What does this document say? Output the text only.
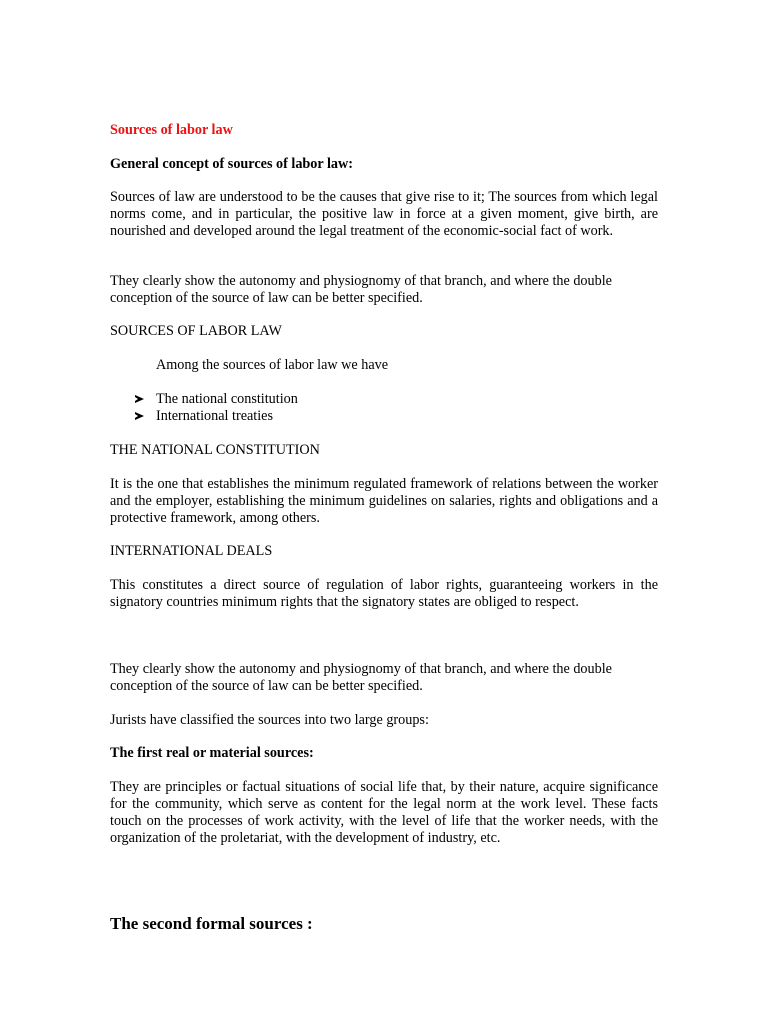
Sources of labor law

General concept of sources of labor law:

Sources of law are understood to be the causes that give rise to it; The sources from which legal norms come, and in particular, the positive law in force at a given moment, give birth, are nourished and developed around the legal treatment of the economic-social fact of work.

They clearly show the autonomy and physiognomy of that branch, and where the double conception of the source of law can be better specified.

SOURCES OF LABOR LAW

Among the sources of labor law we have

The national constitution
International treaties

THE NATIONAL CONSTITUTION

It is the one that establishes the minimum regulated framework of relations between the worker and the employer, establishing the minimum guidelines on salaries, rights and obligations and a protective framework, among others.

INTERNATIONAL DEALS

This constitutes a direct source of regulation of labor rights, guaranteeing workers in the signatory countries minimum rights that the signatory states are obliged to respect.

They clearly show the autonomy and physiognomy of that branch, and where the double conception of the source of law can be better specified.

Jurists have classified the sources into two large groups:

The first real or material sources:

They are principles or factual situations of social life that, by their nature, acquire significance for the community, which serve as content for the legal norm at the work level. These facts touch on the processes of work activity, with the level of life that the worker needs, with the organization of the proletariat, with the development of industry, etc.

The second formal sources :
